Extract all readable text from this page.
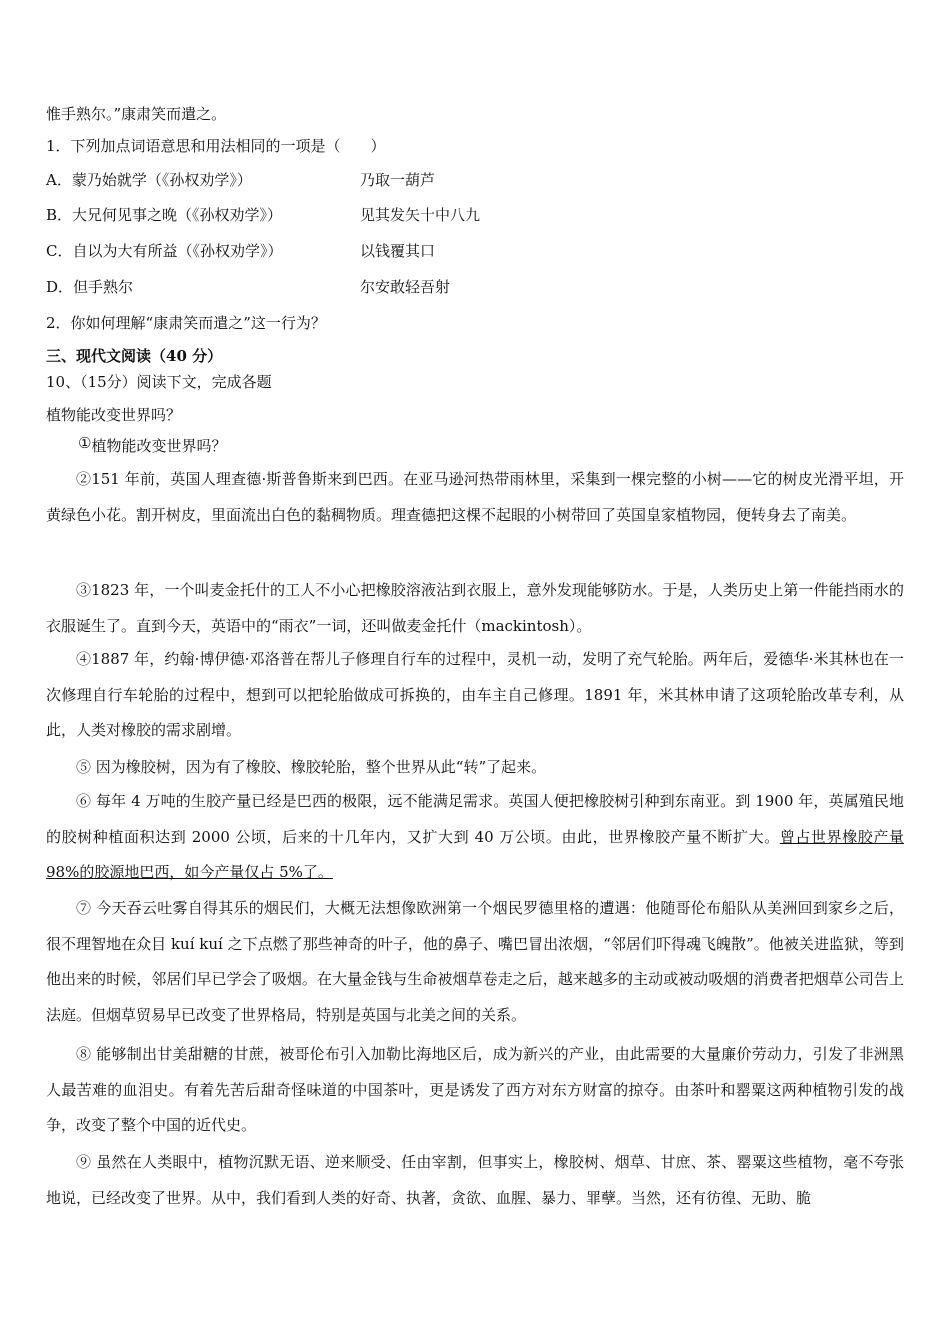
惟手熟尔。”康肃笑而遣之。
1．下列加点词语意思和用法相同的一项是（　　）
A．蒙乃始就学（《孙权劝学》）	乃取一葫芦
B．大兄何见事之晚（《孙权劝学》）	见其发矢十中八九
C．自以为大有所益（《孙权劝学》）	以钱覆其口
D．但手熟尔	尔安敢轻吾射
2．你如何理解“康肃笑而遣之”这一行为？
三、现代文阅读（40 分）
10、（15分）阅读下文，完成各题
植物能改变世界吗？
①植物能改变世界吗？
②151 年前，英国人理查德·斯普鲁斯来到巴西。在亚马逊河热带雨林里，采集到一棵完整的小树——它的树皮光滑平坦，开黄绿色小花。割开树皮，里面流出白色的黏稠物质。理查德把这棵不起眼的小树带回了英国皇家植物园，便转身去了南美。
③1823 年，一个叫麦金托什的工人不小心把橡胶溶液沾到衣服上，意外发现能够防水。于是，人类历史上第一件能挡雨水的衣服诞生了。直到今天，英语中的“雨衣”一词，还叫做麦金托什（mackintosh）。
④1887 年，约翰·博伊德·邓洛普在帮儿子修理自行车的过程中，灵机一动，发明了充气轮胎。两年后，爱德华·米其林也在一次修理自行车轮胎的过程中，想到可以把轮胎做成可拆换的，由车主自己修理。1891 年，米其林申请了这项轮胎改革专利，从此，人类对橡胶的需求剧增。
⑤ 因为橡胶树，因为有了橡胶、橡胶轮胎，整个世界从此“转”了起来。
⑥ 每年 4 万吨的生胶产量已经是巴西的极限，远不能满足需求。英国人便把橡胶树引种到东南亚。到 1900 年，英属殖民地的胶树种植面积达到 2000 公顷，后来的十几年内，又扩大到 40 万公顷。由此，世界橡胶产量不断扩大。曾占世界橡胶产量 98%的胶源地巴西，如今产量仅占 5%了。
⑦ 今天吞云吐雾自得其乐的烟民们，大概无法想像欧洲第一个烟民罗德里格的遭遇：他随哥伦布船队从美洲回到家乡之后，很不理智地在众目 kuí kuí 之下点燃了那些神奇的叶子，他的鼻子、嘴巴冒出浓烟，“邻居们吓得魂飞魄散”。他被关进监狱，等到他出来的时候，邻居们早已学会了吸烟。在大量金钱与生命被烟草卷走之后，越来越多的主动或被动吸烟的消费者把烟草公司告上法庭。但烟草贸易早已改变了世界格局，特别是英国与北美之间的关系。
⑧ 能够制出甘美甜糖的甘蔗，被哥伦布引入加勒比海地区后，成为新兴的产业，由此需要的大量廉价劳动力，引发了非洲黑人最苦难的血泪史。有着先苦后甜奇怪味道的中国茶叶，更是诱发了西方对东方财富的掠夺。由茶叶和罂粟这两种植物引发的战争，改变了整个中国的近代史。
⑨ 虽然在人类眼中，植物沉默无语、逆来顺受、任由宰割，但事实上，橡胶树、烟草、甘庶、茶、罂粟这些植物，毫不夸张地说，已经改变了世界。从中，我们看到人类的好奇、执著，贪欲、血腥、暴力、罪孽。当然，还有彷徨、无助、脆
